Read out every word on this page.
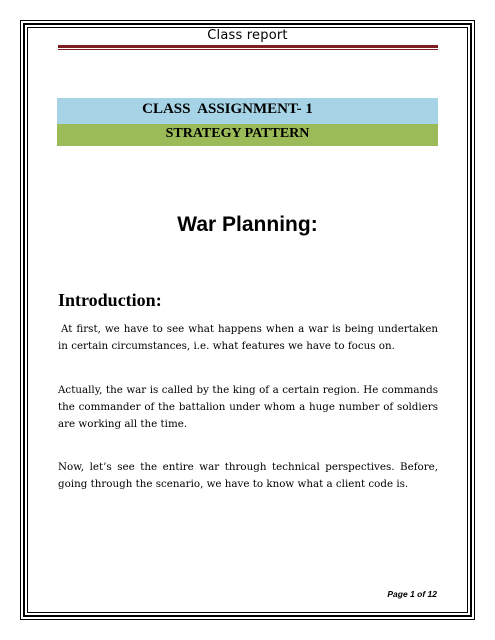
Class report
CLASS  ASSIGNMENT- 1
STRATEGY PATTERN
War Planning:
Introduction:

At first, we have to see what happens when a war is being undertaken in certain circumstances, i.e. what features we have to focus on.

Actually, the war is called by the king of a certain region. He commands the commander of the battalion under whom a huge number of soldiers are working all the time.

Now, let’s see the entire war through technical perspectives. Before, going through the scenario, we have to know what a client code is.

Page 1 of 12
